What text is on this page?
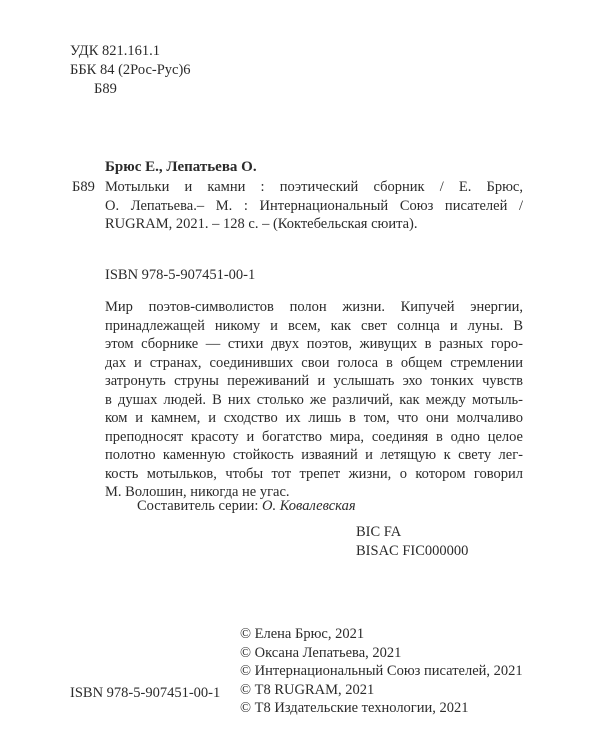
УДК 821.161.1
ББК 84 (2Рос-Рус)6
Б89
Брюс Е., Лепатьева О.
Б89 Мотыльки и камни : поэтический сборник / Е. Брюс,
О. Лепатьева.– М. : Интернациональный Союз писателей /
RUGRAM, 2021. – 128 с. – (Коктебельская сюита).

ISBN 978-5-907451-00-1

Мир поэтов-символистов полон жизни. Кипучей энергии,
принадлежащей никому и всем, как свет солнца и луны. В
этом сборнике — стихи двух поэтов, живущих в разных горо-
дах и странах, соединивших свои голоса в общем стремлении
затронуть струны переживаний и услышать эхо тонких чувств
в душах людей. В них столько же различий, как между мотыль-
ком и камнем, и сходство их лишь в том, что они молчаливо
преподносят красоту и богатство мира, соединяя в одно целое
полотно каменную стойкость изваяний и летящую к свету лег-
кость мотыльков, чтобы тот трепет жизни, о котором говорил
М. Волошин, никогда не угас.

Составитель серии: О. Ковалевская
BIC FA
BISAC FIC000000
© Елена Брюс, 2021
© Оксана Лепатьева, 2021
© Интернациональный Союз писателей, 2021
© Т8 RUGRAM, 2021
© Т8 Издательские технологии, 2021
ISBN 978-5-907451-00-1
